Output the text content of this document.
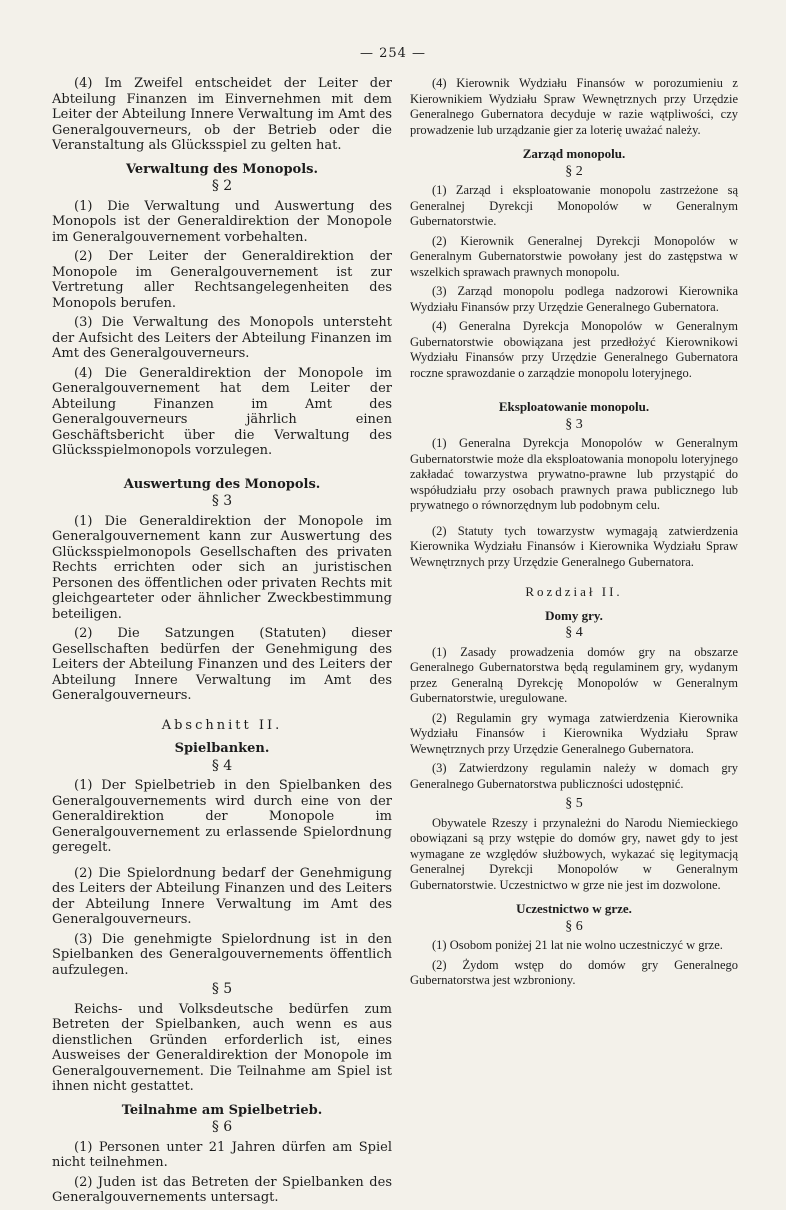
— 254 —

(4) Im Zweifel entscheidet der Leiter der Abteilung Finanzen im Einvernehmen mit dem Leiter der Abteilung Innere Verwaltung im Amt des Generalgouverneurs, ob der Betrieb oder die Veranstaltung als Glücksspiel zu gelten hat.

Verwaltung des Monopols.
§ 2

(1) Die Verwaltung und Auswertung des Monopols ist der Generaldirektion der Monopole im Generalgouvernement vorbehalten.

(2) Der Leiter der Generaldirektion der Monopole im Generalgouvernement ist zur Vertretung aller Rechtsangelegenheiten des Monopols berufen.

(3) Die Verwaltung des Monopols untersteht der Aufsicht des Leiters der Abteilung Finanzen im Amt des Generalgouverneurs.

(4) Die Generaldirektion der Monopole im Generalgouvernement hat dem Leiter der Abteilung Finanzen im Amt des Generalgouverneurs jährlich einen Geschäftsbericht über die Verwaltung des Glücksspielmonopols vorzulegen.

Auswertung des Monopols.
§ 3

(1) Die Generaldirektion der Monopole im Generalgouvernement kann zur Auswertung des Glücksspielmonopols Gesellschaften des privaten Rechts errichten oder sich an juristischen Personen des öffentlichen oder privaten Rechts mit gleichgearteter oder ähnlicher Zweckbestimmung beteiligen.

(2) Die Satzungen (Statuten) dieser Gesellschaften bedürfen der Genehmigung des Leiters der Abteilung Finanzen und des Leiters der Abteilung Innere Verwaltung im Amt des Generalgouverneurs.

Abschnitt II.
Spielbanken.
§ 4

(1) Der Spielbetrieb in den Spielbanken des Generalgouvernements wird durch eine von der Generaldirektion der Monopole im Generalgouvernement zu erlassende Spielordnung geregelt.

(2) Die Spielordnung bedarf der Genehmigung des Leiters der Abteilung Finanzen und des Leiters der Abteilung Innere Verwaltung im Amt des Generalgouverneurs.

(3) Die genehmigte Spielordnung ist in den Spielbanken des Generalgouvernements öffentlich aufzulegen.

§ 5

Reichs- und Volksdeutsche bedürfen zum Betreten der Spielbanken, auch wenn es aus dienstlichen Gründen erforderlich ist, eines Ausweises der Generaldirektion der Monopole im Generalgouvernement. Die Teilnahme am Spiel ist ihnen nicht gestattet.

Teilnahme am Spielbetrieb.
§ 6

(1) Personen unter 21 Jahren dürfen am Spiel nicht teilnehmen.

(2) Juden ist das Betreten der Spielbanken des Generalgouvernements untersagt.

(4) Kierownik Wydziału Finansów w porozumieniu z Kierownikiem Wydziału Spraw Wewnętrznych przy Urzędzie Generalnego Gubernatora decyduje w razie wątpliwości, czy prowadzenie lub urządzanie gier za loterię uważać należy.

Zarząd monopolu.
§ 2

(1) Zarząd i eksploatowanie monopolu zastrzeżone są Generalnej Dyrekcji Monopolów w Generalnym Gubernatorstwie.

(2) Kierownik Generalnej Dyrekcji Monopolów w Generalnym Gubernatorstwie powołany jest do zastępstwa w wszelkich sprawach prawnych monopolu.

(3) Zarząd monopolu podlega nadzorowi Kierownika Wydziału Finansów przy Urzędzie Generalnego Gubernatora.

(4) Generalna Dyrekcja Monopolów w Generalnym Gubernatorstwie obowiązana jest przedłożyć Kierownikowi Wydziału Finansów przy Urzędzie Generalnego Gubernatora roczne sprawozdanie o zarządzie monopolu loteryjnego.

Eksploatowanie monopolu.
§ 3

(1) Generalna Dyrekcja Monopolów w Generalnym Gubernatorstwie może dla eksploatowania monopolu loteryjnego zakładać towarzystwa prywatno-prawne lub przystąpić do współudziału przy osobach prawnych prawa publicznego lub prywatnego o równorzędnym lub podobnym celu.

(2) Statuty tych towarzystw wymagają zatwierdzenia Kierownika Wydziału Finansów i Kierownika Wydziału Spraw Wewnętrznych przy Urzędzie Generalnego Gubernatora.

Rozdział II.
Domy gry.
§ 4

(1) Zasady prowadzenia domów gry na obszarze Generalnego Gubernatorstwa będą regulaminem gry, wydanym przez Generalną Dyrekcję Monopolów w Generalnym Gubernatorstwie, uregulowane.

(2) Regulamin gry wymaga zatwierdzenia Kierownika Wydziału Finansów i Kierownika Wydziału Spraw Wewnętrznych przy Urzędzie Generalnego Gubernatora.

(3) Zatwierdzony regulamin należy w domach gry Generalnego Gubernatorstwa publiczności udostępnić.

§ 5

Obywatele Rzeszy i przynależni do Narodu Niemieckiego obowiązani są przy wstępie do domów gry, nawet gdy to jest wymagane ze względów służbowych, wykazać się legitymacją Generalnej Dyrekcji Monopolów w Generalnym Gubernatorstwie. Uczestnictwo w grze nie jest im dozwolone.

Uczestnictwo w grze.
§ 6

(1) Osobom poniżej 21 lat nie wolno uczestniczyć w grze.

(2) Żydom wstęp do domów gry Generalnego Gubernatorstwa jest wzbroniony.
